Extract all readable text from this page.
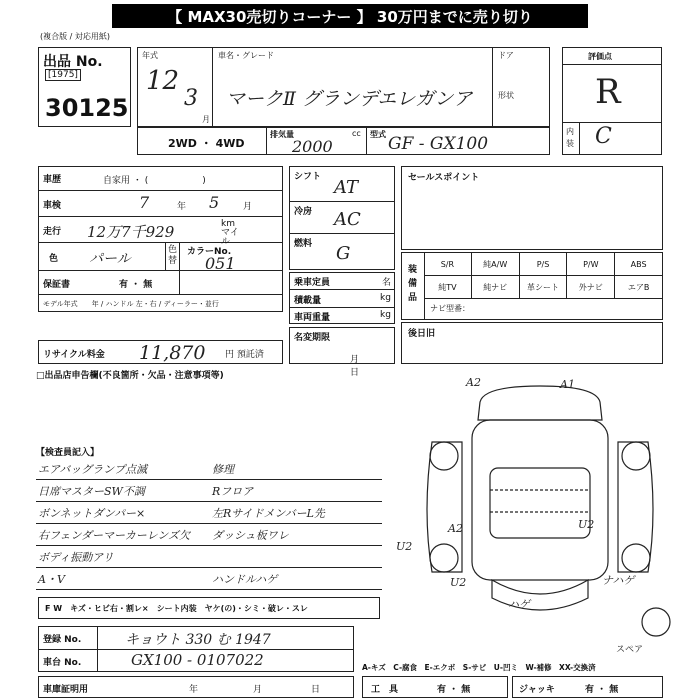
【 MAX30売切りコーナー 】 30万円までに売り切り
(複合版 / 対応用紙)
出品 No.
[1975]
30125
年式
12
3
月
車名・グレード
マークⅡ グランデエレガンア
ドア
形状
評価点
R
内装 C
2WD ・ 4WD
排気量	cc
2000
型式 GF - GX100
車歴	自家用 ・ (　　　　　　)
車検	7	年 5	月
走行 12万7千929	km マイル
色 パール
色替
カラーNo.
051
保証書	有 ・ 無
モデル年式　　年 / ハンドル 左・右 / ディーラー・並行
リサイクル料金 11,870 円 預託済
シフト AT
冷房 AC
燃料 G
乗車定員	名
積載量	kg
車両重量	kg
名変期限
月日
セールスポイント
装備品
S/R	純A/W	P/S	P/W	ABS
純TV	純ナビ	革シート	外ナビ	エアB
ナビ型番：
後日旧
□出品店申告欄(不良箇所・欠品・注意事項等)
【検査員記入】
エアバッグランプ点滅	修理
日席マスターSW不調	Rフロア
ボンネットダンパー×	左RサイドメンバーL先
右フェンダーマーカーレンズ欠 ダッシュ板ワレ
ボディ振動アリ
A・V	ハンドルハゲ
F W　キズ・ヒビ右・割レ×　シート内装　ヤケ(の)・シミ・破レ・スレ
登録 No.	キョウト 330 む 1947
車台 No.	GX100 - 0107022	A-キズ　C-腐食　E-エクボ　S-サビ　U-凹ミ　W-補修　XX-交換済
車庫証明用	年	月	日	工　具	有 ・ 無	ジャッキ	有 ・ 無
A2	A1
A2	U2
U2
U2
ハゲ
ナハゲ
スペア
